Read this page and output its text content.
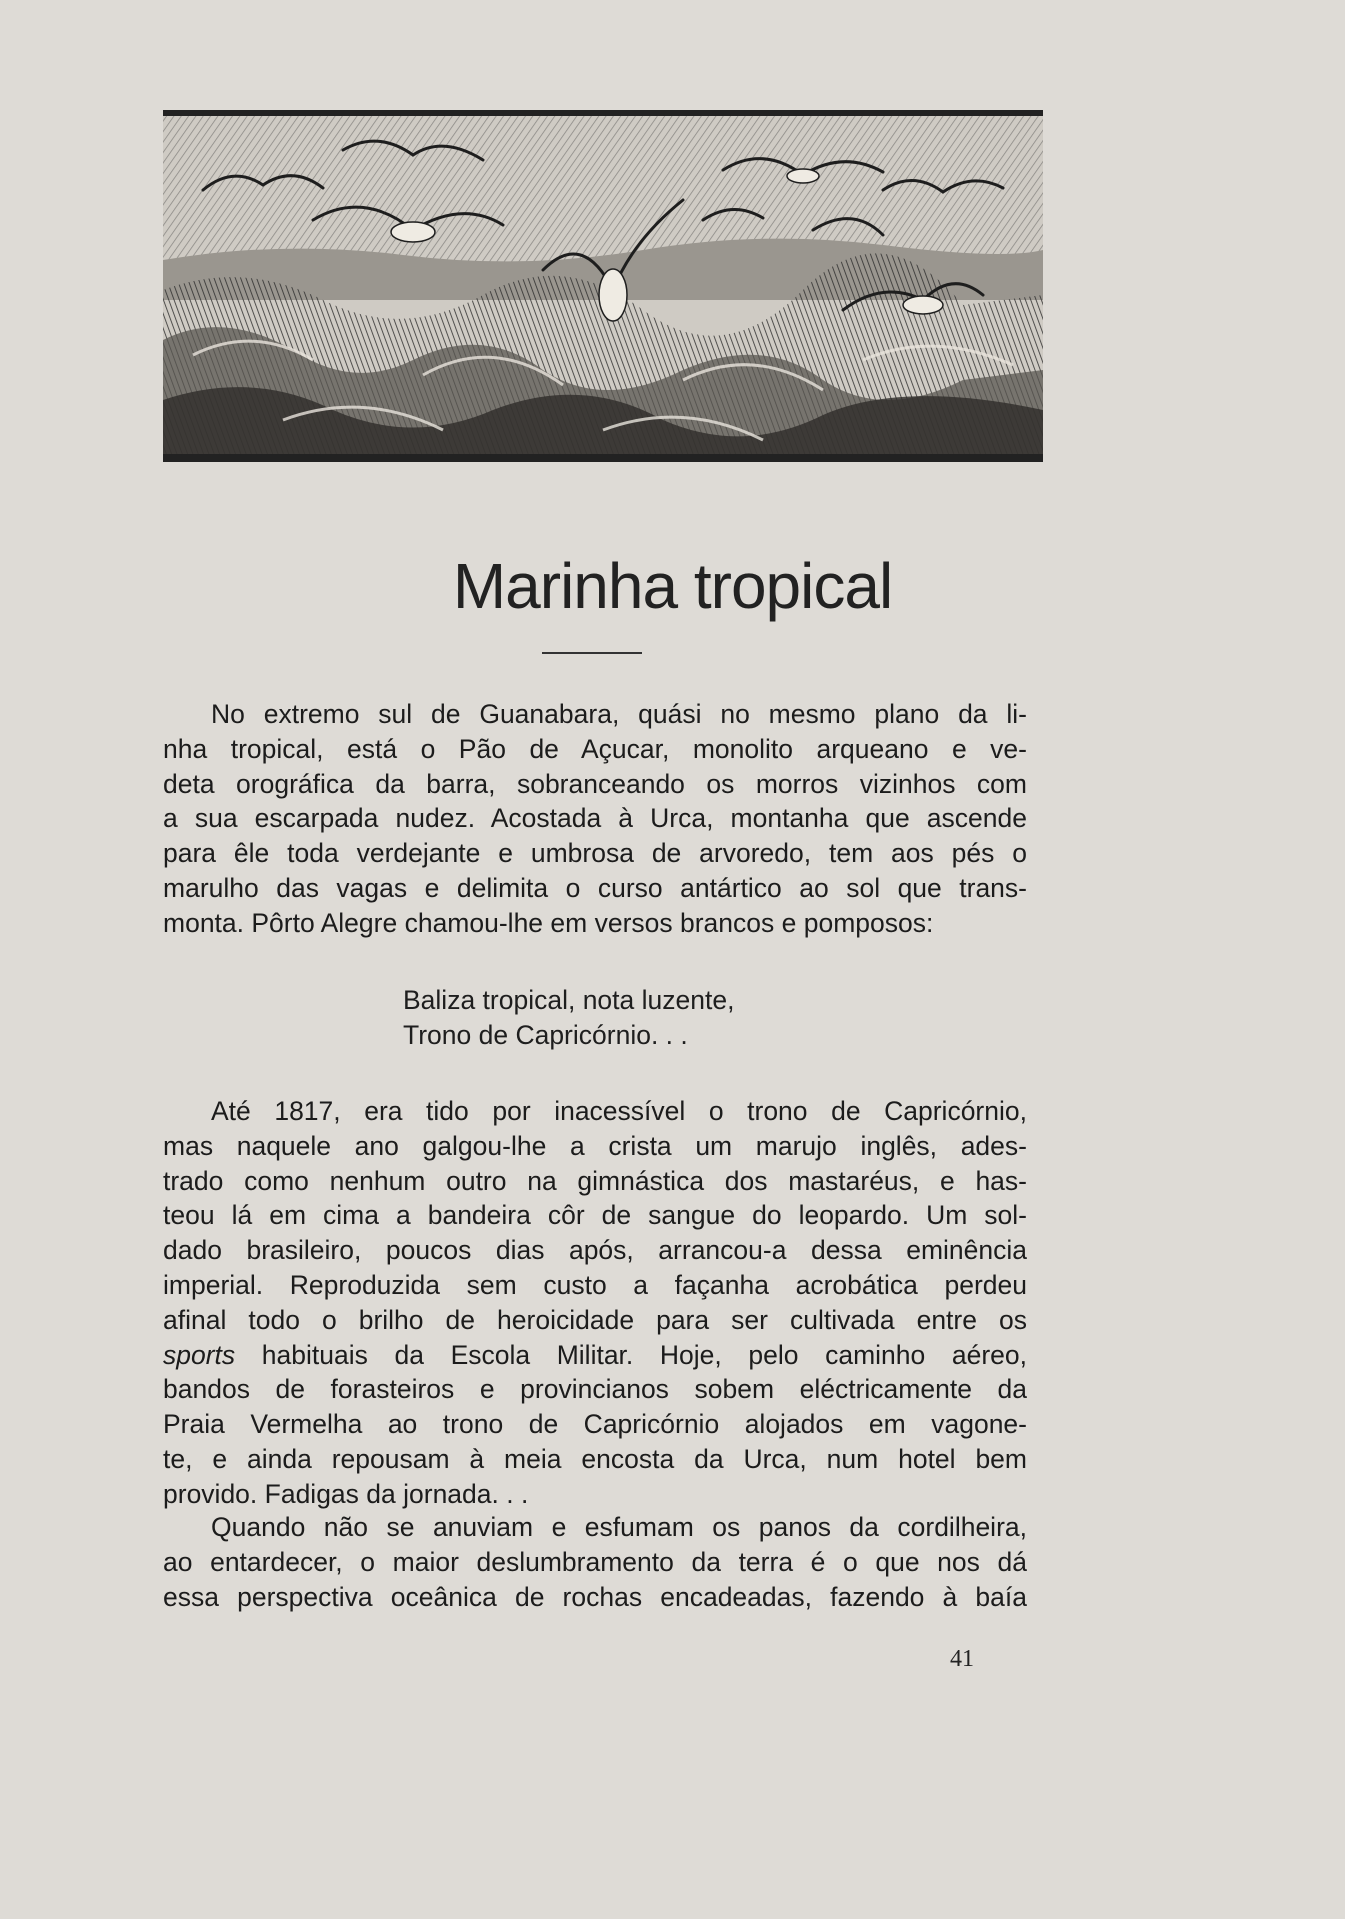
Marinha tropical
No extremo sul de Guanabara, quási no mesmo plano da li-
nha tropical, está o Pão de Açucar, monolito arqueano e ve-
deta orográfica da barra, sobranceando os morros vizinhos com
a sua escarpada nudez. Acostada à Urca, montanha que ascende
para êle toda verdejante e umbrosa de arvoredo, tem aos pés o
marulho das vagas e delimita o curso antártico ao sol que trans-
monta. Pôrto Alegre chamou-lhe em versos brancos e pomposos:
Baliza tropical, nota luzente,
Trono de Capricórnio. . .
Até 1817, era tido por inacessível o trono de Capricórnio,
mas naquele ano galgou-lhe a crista um marujo inglês, ades-
trado como nenhum outro na gimnástica dos mastaréus, e has-
teou lá em cima a bandeira côr de sangue do leopardo. Um sol-
dado brasileiro, poucos dias após, arrancou-a dessa eminência
imperial. Reproduzida sem custo a façanha acrobática perdeu
afinal todo o brilho de heroicidade para ser cultivada entre os
sports habituais da Escola Militar. Hoje, pelo caminho aéreo,
bandos de forasteiros e provincianos sobem eléctricamente da
Praia Vermelha ao trono de Capricórnio alojados em vagone-
te, e ainda repousam à meia encosta da Urca, num hotel bem
provido. Fadigas da jornada. . .
Quando não se anuviam e esfumam os panos da cordilheira,
ao entardecer, o maior deslumbramento da terra é o que nos dá
essa perspectiva oceânica de rochas encadeadas, fazendo à baía
41
